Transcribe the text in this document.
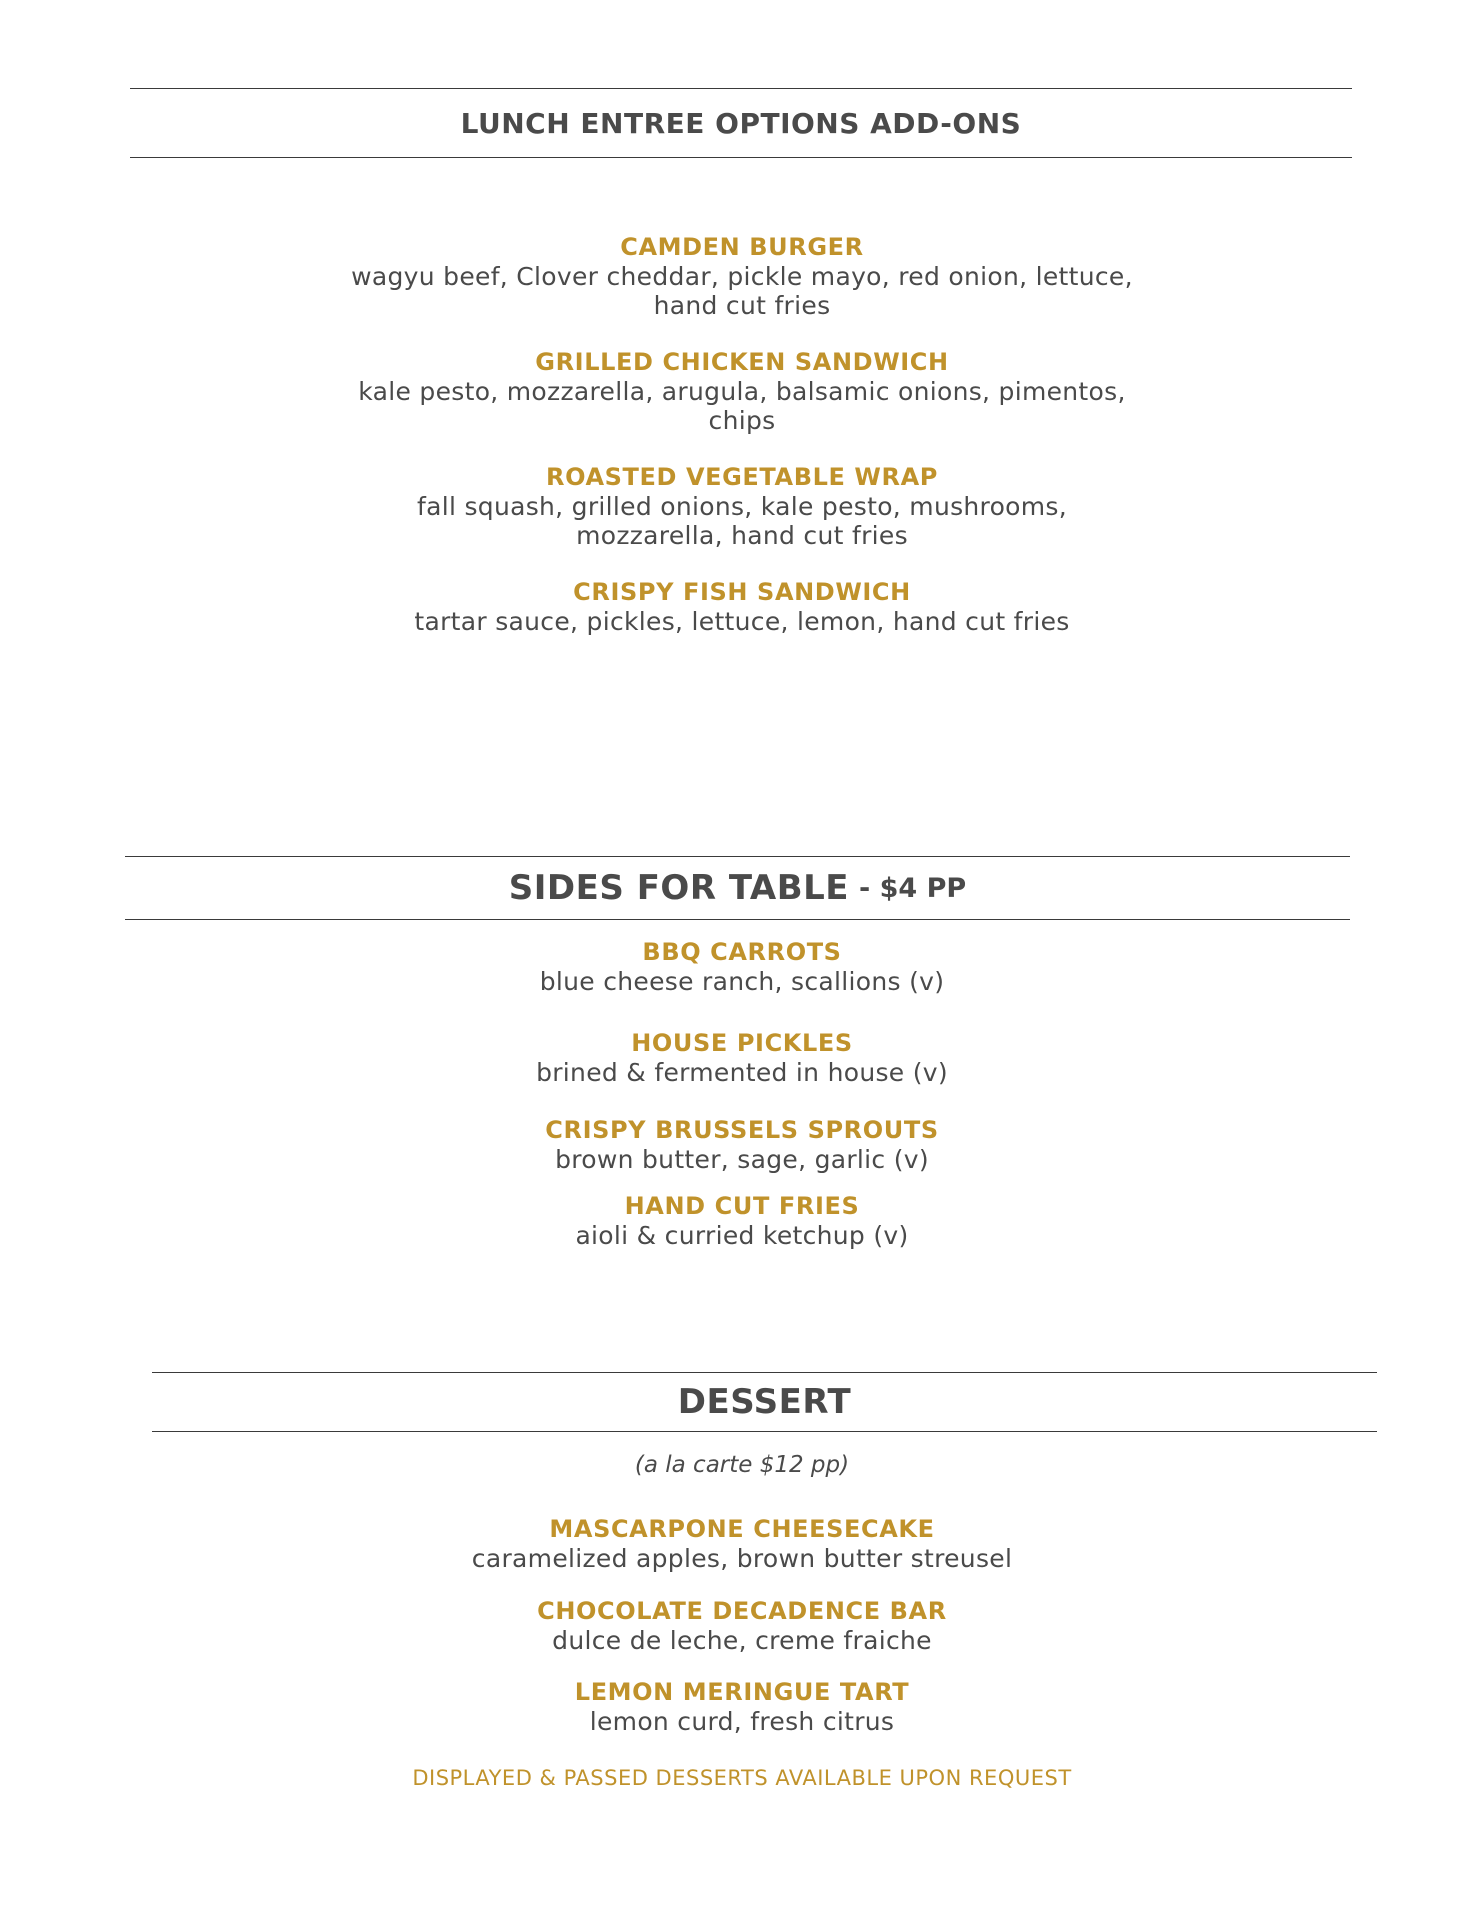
LUNCH ENTREE OPTIONS ADD-ONS
CAMDEN BURGER
wagyu beef, Clover cheddar, pickle mayo, red onion, lettuce,
hand cut fries
GRILLED CHICKEN SANDWICH
kale pesto, mozzarella, arugula, balsamic onions, pimentos,
chips
ROASTED VEGETABLE WRAP
fall squash, grilled onions, kale pesto, mushrooms,
mozzarella, hand cut fries
CRISPY FISH SANDWICH
tartar sauce, pickles, lettuce, lemon, hand cut fries
SIDES FOR TABLE - $4 PP
BBQ CARROTS
blue cheese ranch, scallions (v)
HOUSE PICKLES
brined & fermented in house (v)
CRISPY BRUSSELS SPROUTS
brown butter, sage, garlic (v)
HAND CUT FRIES
aioli & curried ketchup (v)
DESSERT
(a la carte $12 pp)
MASCARPONE CHEESECAKE
caramelized apples, brown butter streusel
CHOCOLATE DECADENCE BAR
dulce de leche, creme fraiche
LEMON MERINGUE TART
lemon curd, fresh citrus
DISPLAYED & PASSED DESSERTS AVAILABLE UPON REQUEST
